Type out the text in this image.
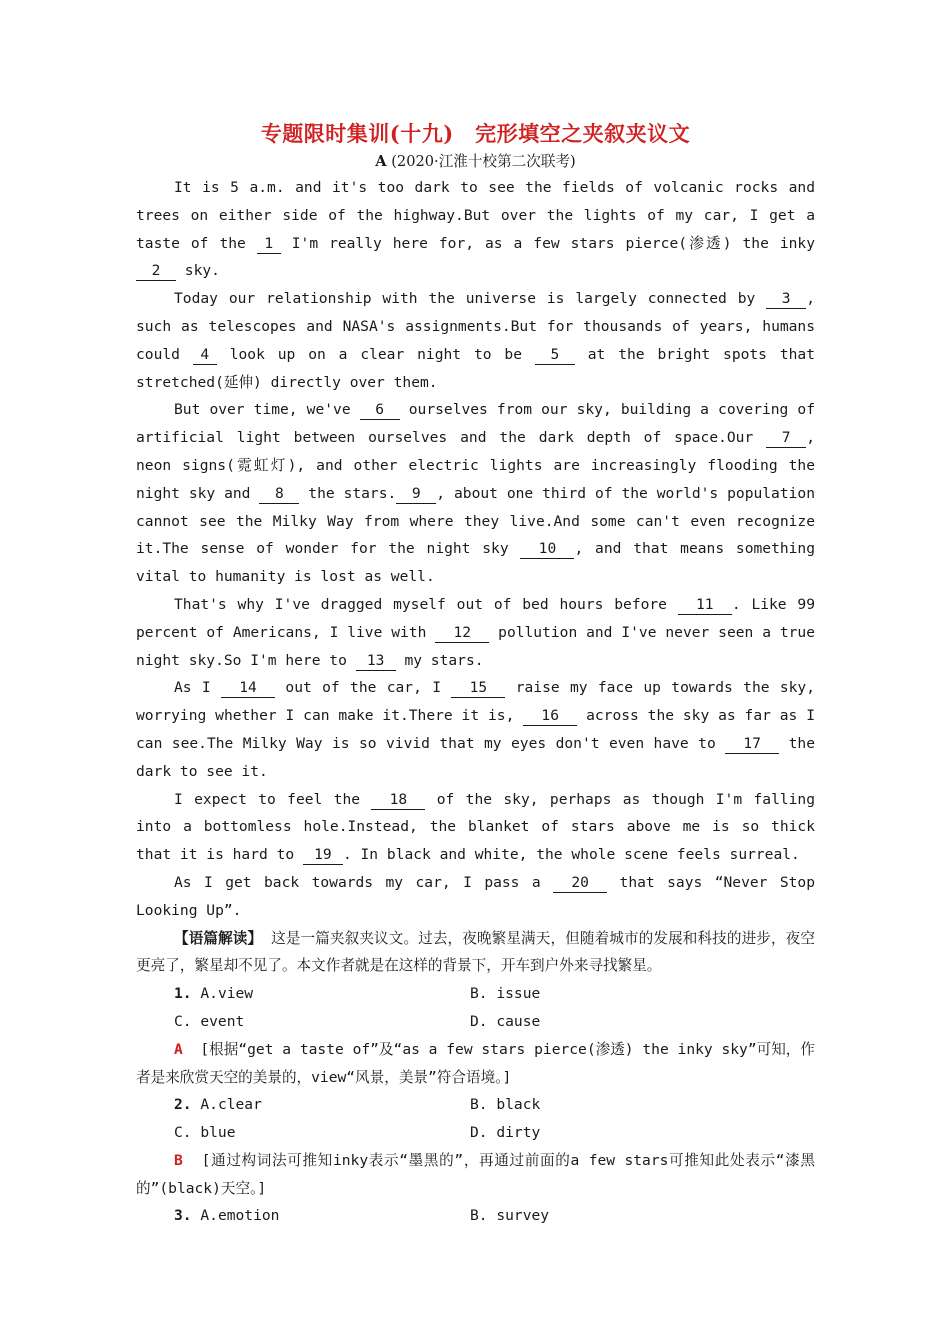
专题限时集训(十九)　完形填空之夹叙夹议文
A (2020·江淮十校第二次联考)

It is 5 a.m. and it's too dark to see the fields of volcanic rocks and trees on either side of the highway.But over the lights of my car, I get a taste of the 1 I'm really here for, as a few stars pierce(渗透) the inky 2 sky.

Today our relationship with the universe is largely connected by 3 , such as telescopes and NASA's assignments.But for thousands of years, humans could 4 look up on a clear night to be 5 at the bright spots that stretched(延伸) directly over them.

But over time, we've 6 ourselves from our sky, building a covering of artificial light between ourselves and the dark depth of space.Our 7 , neon signs(霓虹灯), and other electric lights are increasingly flooding the night sky and 8 the stars. 9 , about one third of the world's population cannot see the Milky Way from where they live.And some can't even recognize it.The sense of wonder for the night sky 10 , and that means something vital to humanity is lost as well.

That's why I've dragged myself out of bed hours before 11 . Like 99 percent of Americans, I live with 12 pollution and I've never seen a true night sky.So I'm here to 13 my stars.

As I 14 out of the car, I 15 raise my face up towards the sky, worrying whether I can make it.There it is, 16 across the sky as far as I can see.The Milky Way is so vivid that my eyes don't even have to 17 the dark to see it.

I expect to feel the 18 of the sky, perhaps as though I'm falling into a bottomless hole.Instead, the blanket of stars above me is so thick that it is hard to 19 . In black and white, the whole scene feels surreal.

As I get back towards my car, I pass a 20 that says “Never Stop Looking Up”.

【语篇解读】 这是一篇夹叙夹议文。过去，夜晚繁星满天，但随着城市的发展和科技的进步，夜空更亮了，繁星却不见了。本文作者就是在这样的背景下，开车到户外来寻找繁星。

1. A.view	B. issue
C. event	D. cause

A [根据“get a taste of”及“as a few stars pierce(渗透) the inky sky”可知，作者是来欣赏天空的美景的，view“风景，美景”符合语境。]

2. A.clear	B. black
C. blue	D. dirty

B [通过构词法可推知inky表示“墨黑的”，再通过前面的a few stars可推知此处表示“漆黑的”(black)天空。]

3. A.emotion	B. survey
